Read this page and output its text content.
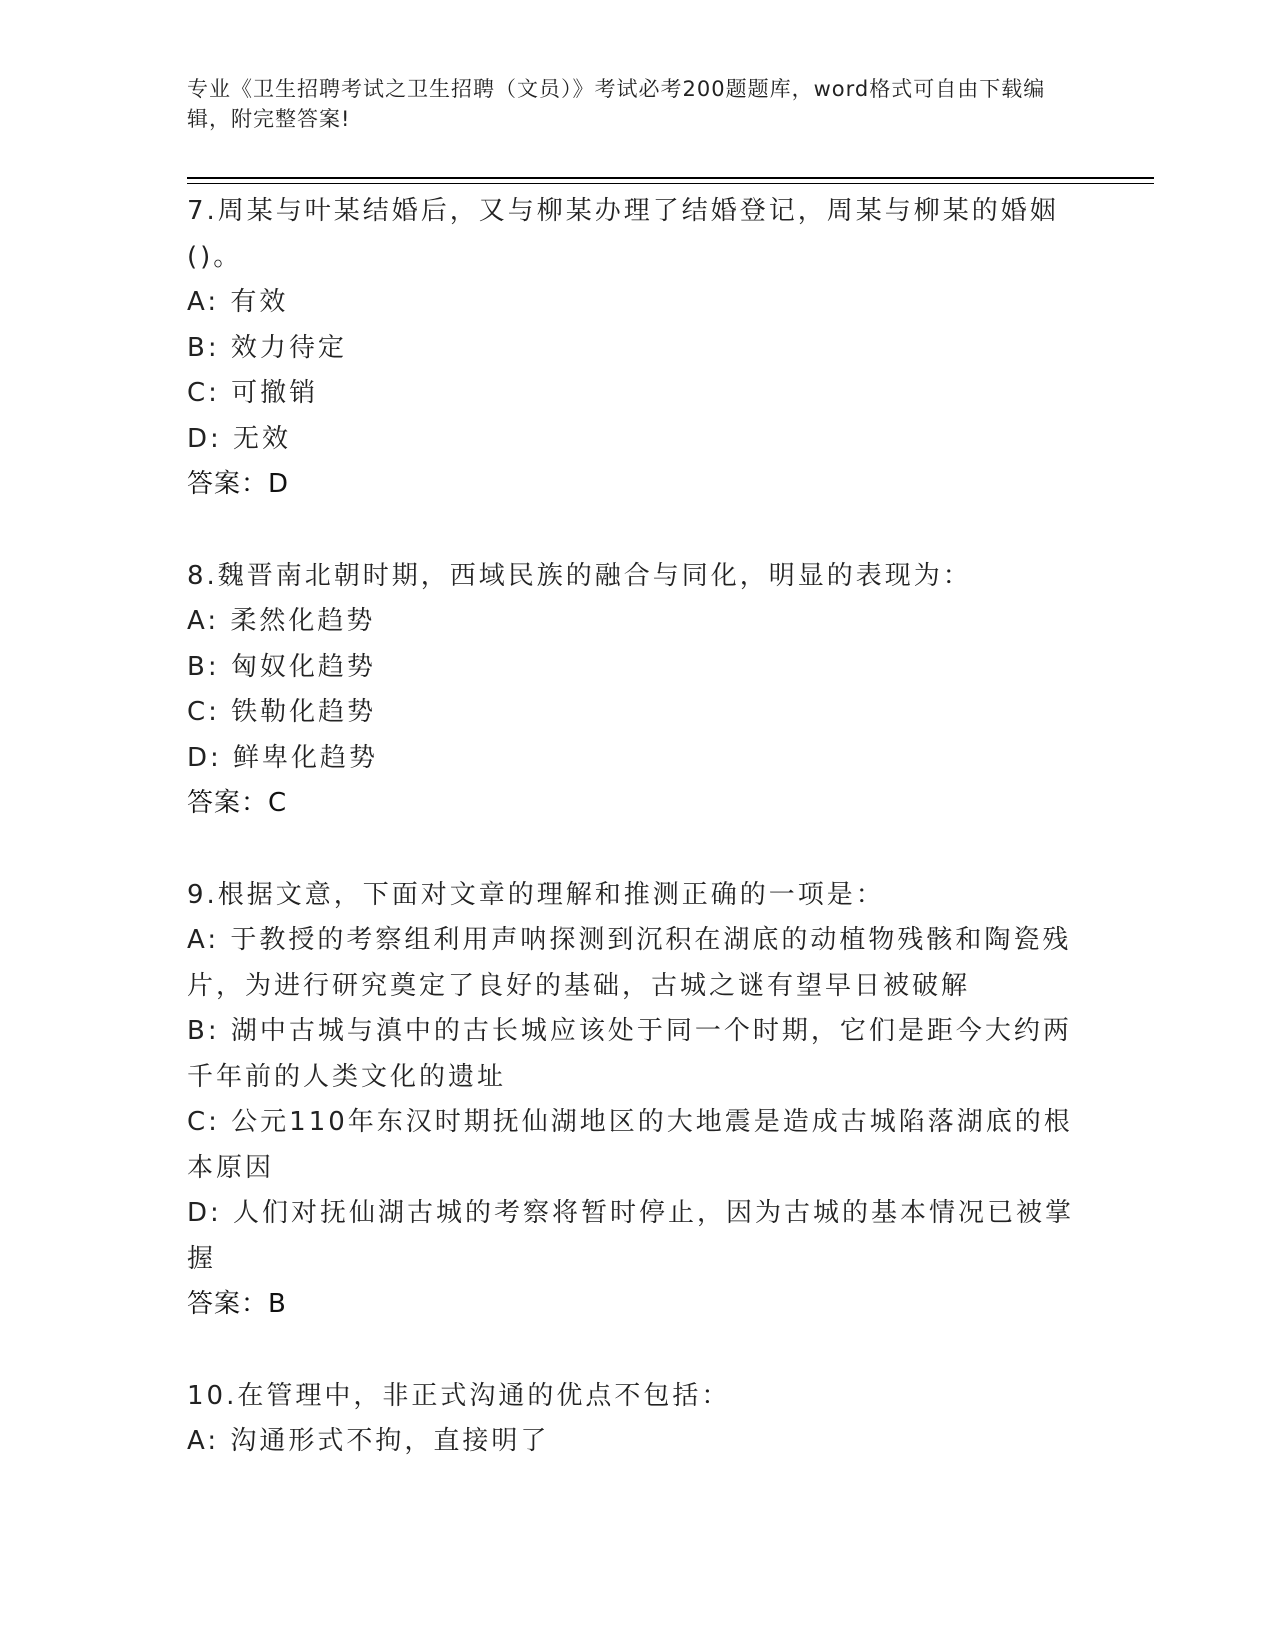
专业《卫生招聘考试之卫生招聘（文员）》考试必考200题题库，word格式可自由下载编辑，附完整答案!
7.周某与叶某结婚后，又与柳某办理了结婚登记，周某与柳某的婚姻()。
A: 有效
B: 效力待定
C: 可撤销
D: 无效
答案：D
8.魏晋南北朝时期，西域民族的融合与同化，明显的表现为：
A: 柔然化趋势
B: 匈奴化趋势
C: 铁勒化趋势
D: 鲜卑化趋势
答案：C
9.根据文意，下面对文章的理解和推测正确的一项是：
A: 于教授的考察组利用声呐探测到沉积在湖底的动植物残骸和陶瓷残片，为进行研究奠定了良好的基础，古城之谜有望早日被破解
B: 湖中古城与滇中的古长城应该处于同一个时期，它们是距今大约两千年前的人类文化的遗址
C: 公元110年东汉时期抚仙湖地区的大地震是造成古城陷落湖底的根本原因
D: 人们对抚仙湖古城的考察将暂时停止，因为古城的基本情况已被掌握
答案：B
10.在管理中，非正式沟通的优点不包括：
A: 沟通形式不拘，直接明了
